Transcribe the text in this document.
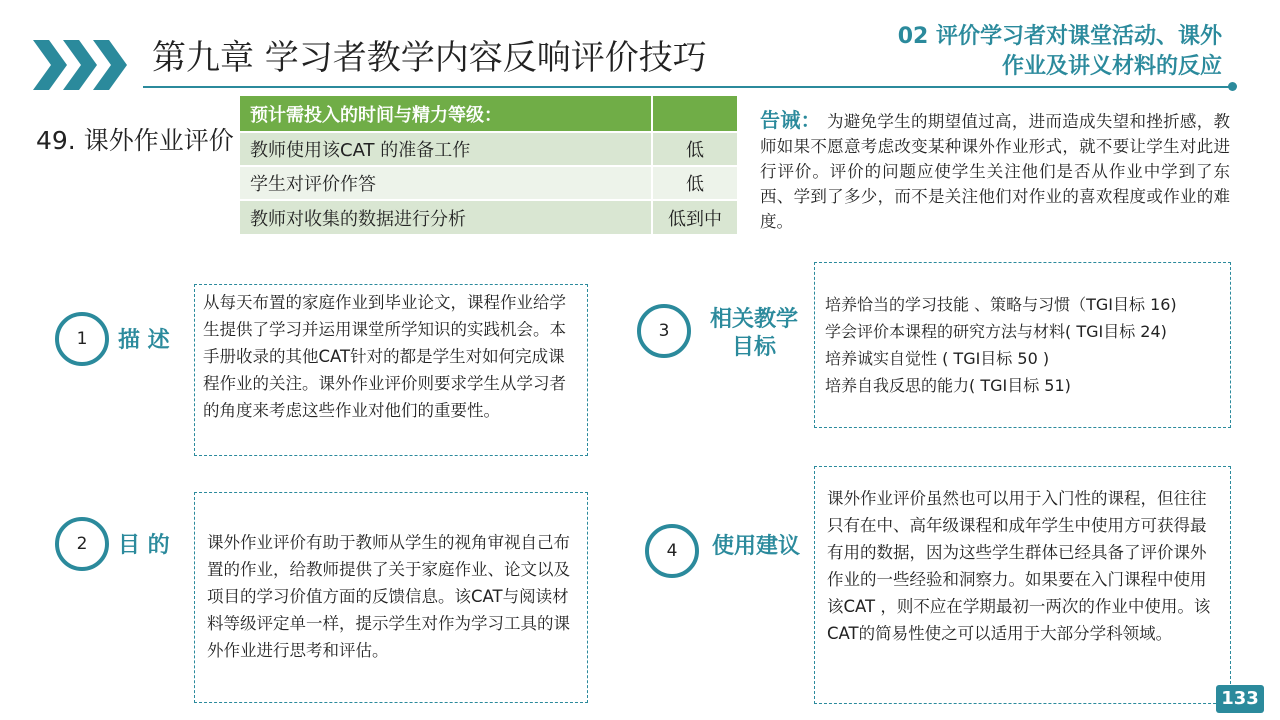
第九章 学习者教学内容反响评价技巧
02 评价学习者对课堂活动、课外
作业及讲义材料的反应
49. 课外作业评价
预计需投入的时间与精力等级：	
教师使用该CAT 的准备工作	低
学生对评价作答	低
教师对收集的数据进行分析	低到中
告诫： 为避免学生的期望值过高，进而造成失望和挫折感，教师如果不愿意考虑改变某种课外作业形式，就不要让学生对此进行评价。评价的问题应使学生关注他们是否从作业中学到了东西、学到了多少，而不是关注他们对作业的喜欢程度或作业的难度。
1	描 述

从每天布置的家庭作业到毕业论文，课程作业给学生提供了学习并运用课堂所学知识的实践机会。本手册收录的其他CAT针对的都是学生对如何完成课程作业的关注。课外作业评价则要求学生从学习者的角度来考虑这些作业对他们的重要性。

2	目 的 课外作业评价有助于教师从学生的视角审视自己布置的作业，给教师提供了关于家庭作业、论文以及项目的学习价值方面的反馈信息。该CAT与阅读材料等级评定单一样，提示学生对作为学习工具的课外作业进行思考和评估。

3	相关教学
目标

培养恰当的学习技能 、策略与习惯（TGI目标 16)

学会评价本课程的研究方法与材料( TGI目标 24)

培养诚实自觉性 ( TGI目标 50 )

培养自我反思的能力( TGI目标 51)

4	使用建议

课外作业评价虽然也可以用于入门性的课程，但往往只有在中、高年级课程和成年学生中使用方可获得最有用的数据，因为这些学生群体已经具备了评价课外作业的一些经验和洞察力。如果要在入门课程中使用该CAT ，则不应在学期最初一两次的作业中使用。该CAT的简易性使之可以适用于大部分学科领域。

133
